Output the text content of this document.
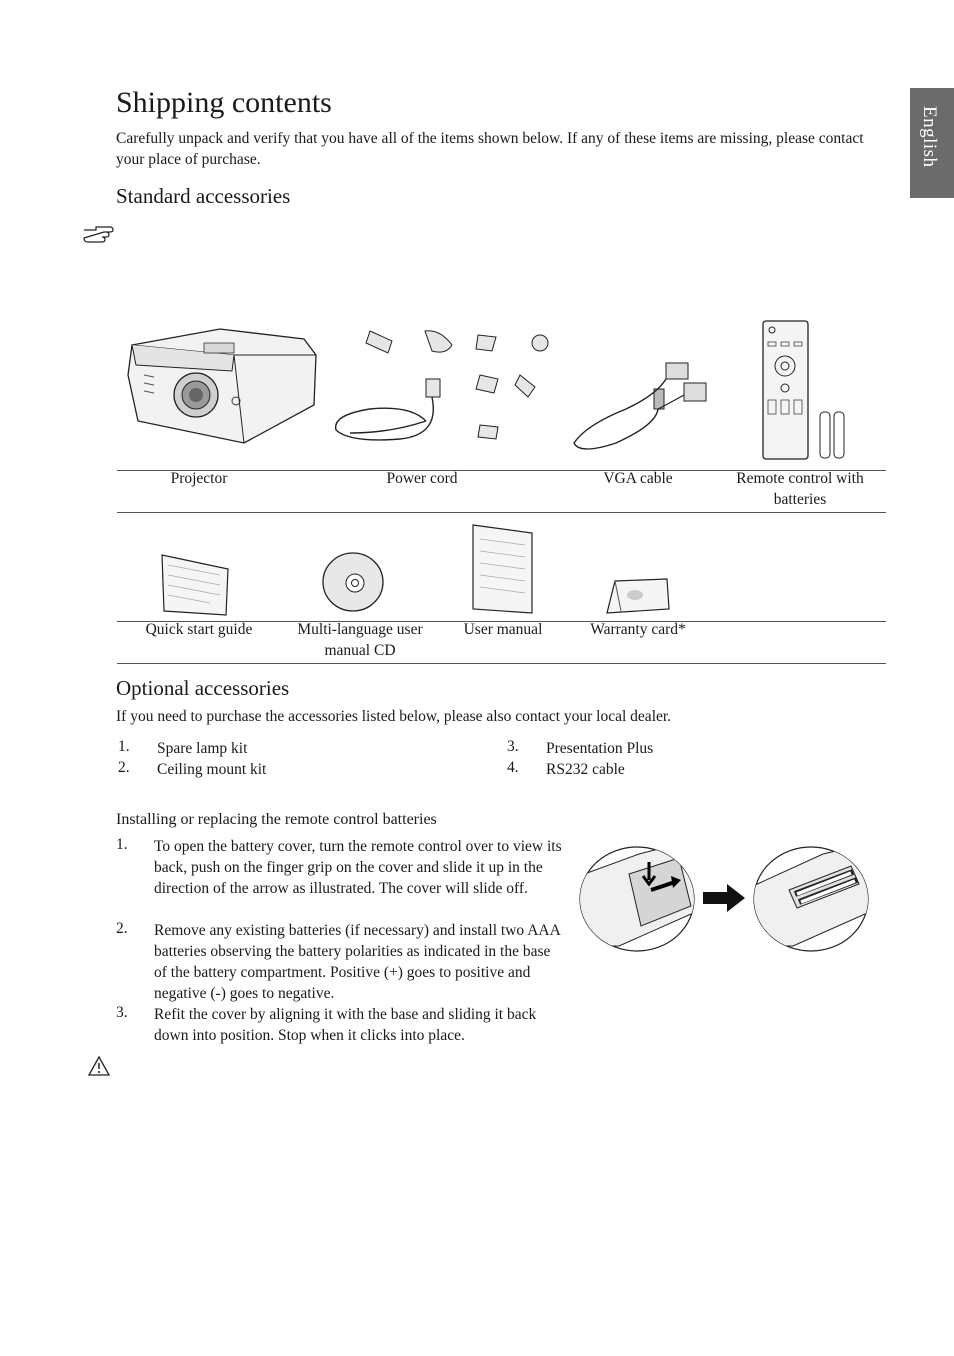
English
Shipping contents

Carefully unpack and verify that you have all of the items shown below. If any of these items are missing, please contact your place of purchase.

Standard accessories
Projector	Power cord	VGA cable	Remote control with batteries
Quick start guide	Multi-language user manual CD
User manual	Warranty card*
Optional accessories

If you need to purchase the accessories listed below, please also contact your local dealer.

1. Spare lamp kit
2. Ceiling mount kit
3. Presentation Plus
4. RS232 cable
Installing or replacing the remote control batteries
1. To open the battery cover, turn the remote control over to view its back, push on the finger grip on the cover and slide it up in the direction of the arrow as illustrated. The cover will slide off.
2. Remove any existing batteries (if necessary) and install two AAA batteries observing the battery polarities as indicated in the base of the battery compartment. Positive (+) goes to positive and negative (-) goes to negative.
3. Refit the cover by aligning it with the base and sliding it back down into position. Stop when it clicks into place.
